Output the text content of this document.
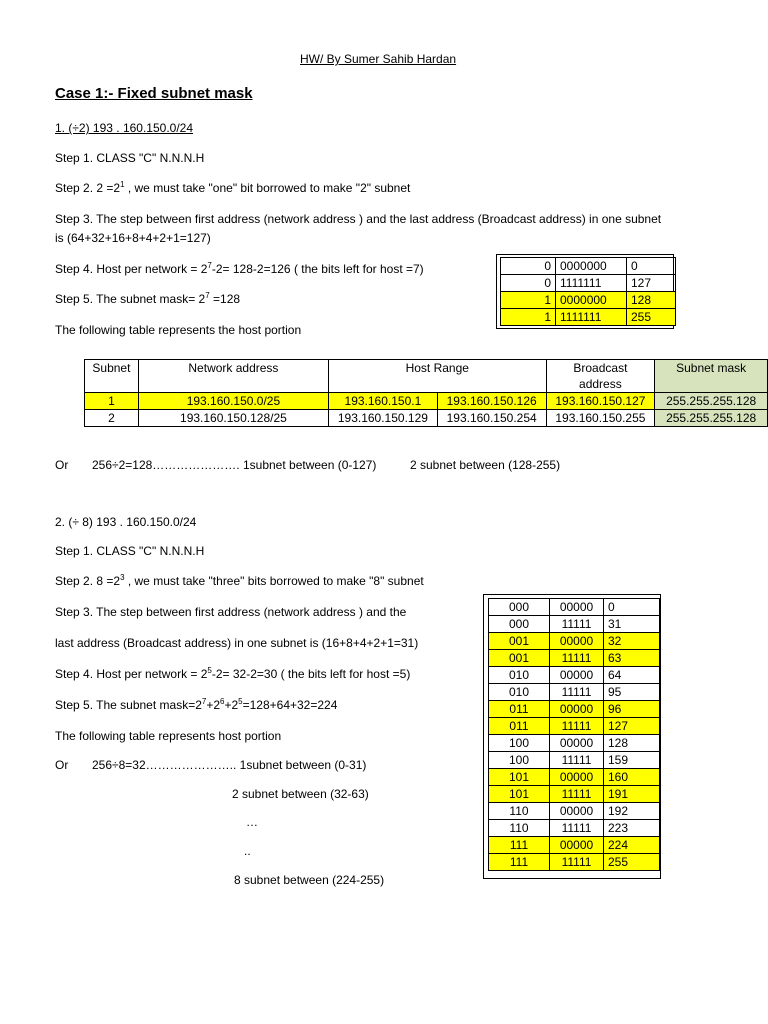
HW/ By Sumer Sahib Hardan
Case 1:- Fixed subnet mask
1. (÷2) 193 . 160.150.0/24
Step 1. CLASS "C" N.N.N.H
Step 2. $2 =2^1$ , we must take "one" bit borrowed to make "2" subnet
Step 3. The step between first address (network address ) and the last address (Broadcast address) in one subnet
is (64+32+16+8+4+2+1=127)
Step 4. Host per network = $2^7-2= 128-2=126$ ( the bits left for host =7)
Step 5. The subnet mask= $2^7 =128$
The following table represents the host portion
0	0000000	0
0	1111111	127
1	0000000	128
1	1111111	255
Subnet	Network address	Host Range		Broadcast address	Subnet mask
1	193.160.150.0/25	193.160.150.1	193.160.150.126	193.160.150.127	255.255.255.128
2	193.160.150.128/25	193.160.150.129	193.160.150.254	193.160.150.255	255.255.255.128
Or 256÷2=128…………………. 1subnet between (0-127)	2 subnet between (128-255)
2. (÷ 8) 193 . 160.150.0/24
Step 1. CLASS "C" N.N.N.H
Step 2. $8 =2^3$ , we must take "three" bits borrowed to make "8" subnet
Step 3. The step between first address (network address ) and the
last address (Broadcast address) in one subnet is (16+8+4+2+1=31)
Step 4. Host per network = $2^5-2= 32-2=30$ ( the bits left for host =5)
Step 5. The subnet $mask=2^7+2^6+2^5=128+64+32=224$
The following table represents host portion
Or 256÷8=32………………….. 1subnet between (0-31)
2 subnet between (32-63)
…
..
8 subnet between (224-255)
000	00000	0
000	11111	31
001	00000	32
001	11111	63
010	00000	64
010	11111	95
011	00000	96
011	11111	127
100	00000	128
100	11111	159
101	00000	160
101	11111	191
110	00000	192
110	11111	223
111	00000	224
111	11111	255
